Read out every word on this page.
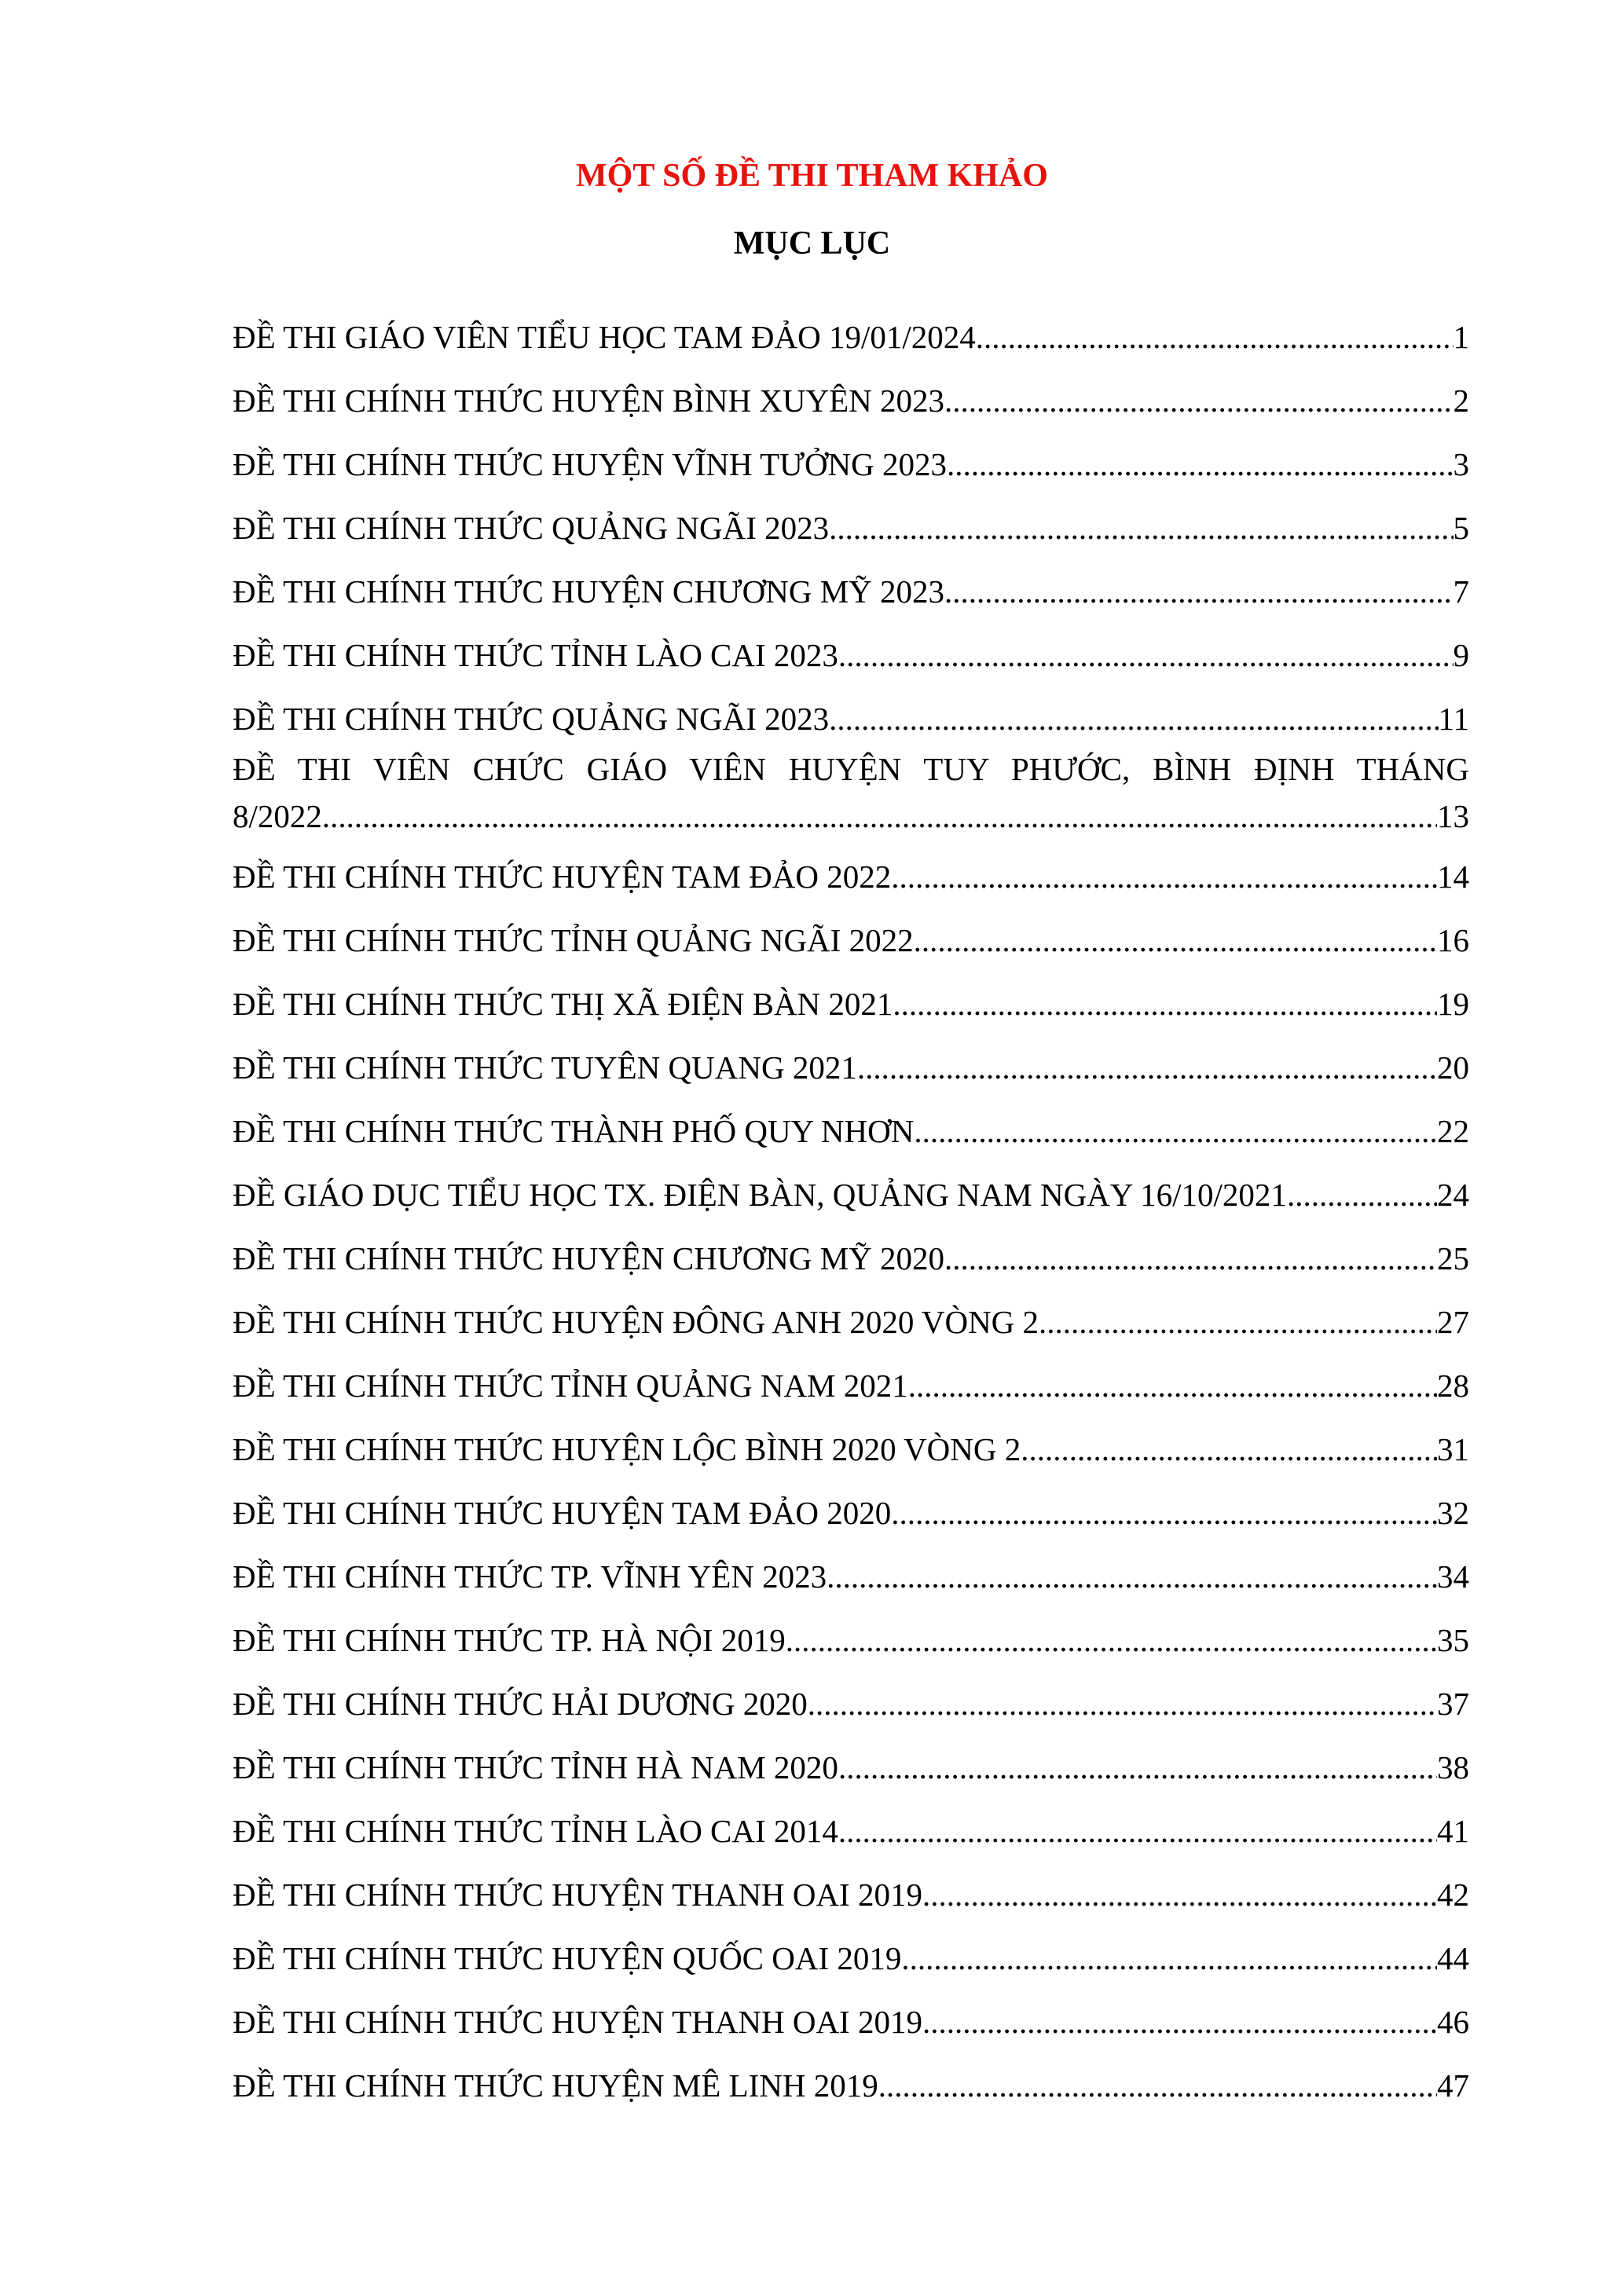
MỘT SỐ ĐỀ THI THAM KHẢO
MỤC LỤC
ĐỀ THI GIÁO VIÊN TIỂU HỌC TAM ĐẢO 19/01/2024 .....	1
ĐỀ THI CHÍNH THỨC HUYỆN BÌNH XUYÊN 2023 .....	2
ĐỀ THI CHÍNH THỨC HUYỆN VĨNH TƯỞNG 2023 .....	3
ĐỀ THI CHÍNH THỨC QUẢNG NGÃI 2023 .....	5
ĐỀ THI CHÍNH THỨC HUYỆN CHƯƠNG MỸ 2023 .....	7
ĐỀ THI CHÍNH THỨC TỈNH LÀO CAI 2023 .....	9
ĐỀ THI CHÍNH THỨC QUẢNG NGÃI 2023 .....	11
ĐỀ THI VIÊN CHỨC GIÁO VIÊN HUYỆN TUY PHƯỚC, BÌNH ĐỊNH THÁNG
8/2022 .....	13
ĐỀ THI CHÍNH THỨC HUYỆN TAM ĐẢO 2022 .....	14
ĐỀ THI CHÍNH THỨC TỈNH QUẢNG NGÃI 2022 .....	16
ĐỀ THI CHÍNH THỨC THỊ XÃ ĐIỆN BÀN 2021 .....	19
ĐỀ THI CHÍNH THỨC TUYÊN QUANG 2021 .....	20
ĐỀ THI CHÍNH THỨC THÀNH PHỐ QUY NHƠN .....	22
ĐỀ GIÁO DỤC TIỂU HỌC TX. ĐIỆN BÀN, QUẢNG NAM NGÀY 16/10/2021 .....	24
ĐỀ THI CHÍNH THỨC HUYỆN CHƯƠNG MỸ 2020 .....	25
ĐỀ THI CHÍNH THỨC HUYỆN ĐÔNG ANH 2020 VÒNG 2 .....	27
ĐỀ THI CHÍNH THỨC TỈNH QUẢNG NAM 2021 .....	28
ĐỀ THI CHÍNH THỨC HUYỆN LỘC BÌNH 2020 VÒNG 2 .....	31
ĐỀ THI CHÍNH THỨC HUYỆN TAM ĐẢO 2020 .....	32
ĐỀ THI CHÍNH THỨC TP. VĨNH YÊN 2023 .....	34
ĐỀ THI CHÍNH THỨC TP. HÀ NỘI 2019 .....	35
ĐỀ THI CHÍNH THỨC HẢI DƯƠNG 2020 .....	37
ĐỀ THI CHÍNH THỨC TỈNH HÀ NAM 2020 .....	38
ĐỀ THI CHÍNH THỨC TỈNH LÀO CAI 2014 .....	41
ĐỀ THI CHÍNH THỨC HUYỆN THANH OAI 2019 .....	42
ĐỀ THI CHÍNH THỨC HUYỆN QUỐC OAI 2019 .....	44
ĐỀ THI CHÍNH THỨC HUYỆN THANH OAI 2019 .....	46
ĐỀ THI CHÍNH THỨC HUYỆN MÊ LINH 2019 .....	47
